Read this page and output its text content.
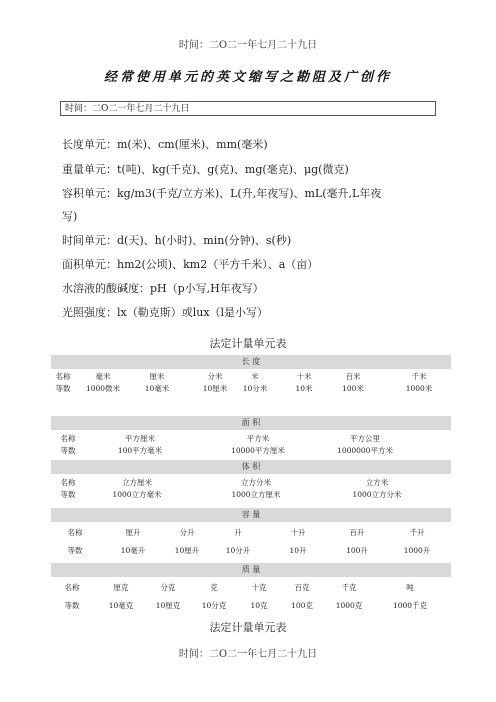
时间：二O二一年七月二十九日
经常使用单元的英文缩写之勘阻及广创作
时间：二O二一年七月二十九日
长度单元：m(米)、cm(厘米)、mm(毫米)
重量单元：t(吨)、kg(千克)、g(克)、mg(毫克)、μg(微克)
容积单元：kg/m3(千克/立方米)、L(升,年夜写)、mL(毫升,L年夜
写)
时间单元：d(天)、h(小时)、min(分钟)、s(秒)
面积单元：hm2(公顷)、km2（平方千米）、a（亩）
水溶液的酸碱度：pH（p小写,H年夜写）
光照强度：lx（勒克斯）或lux（l是小写）
法定计量单元表
长 度
名称	毫米	厘米	分米	米	十米	百米	千米
等数 1000微米	10毫米	10厘米 10分米	10米	100米	1000米
面 积
名称	平方厘米	平方米	平方公里
等数	100平方毫米	10000平方厘米	1000000平方米
体 积
名称	立方厘米	立方分米	立方米
等数	1000立方毫米	1000立方厘米	1000立方分米
容 量
名称	厘升	分升	升	十升	百升	千升
等数	10毫升	10厘升	10分升	10升	100升	1000升
质 量
名称	厘克	分克	克	十克	百克	千克	吨
等数	10毫克	10厘克	10分克	10克	100克	1000克	1000千克
法定计量单元表
时间：二O二一年七月二十九日
